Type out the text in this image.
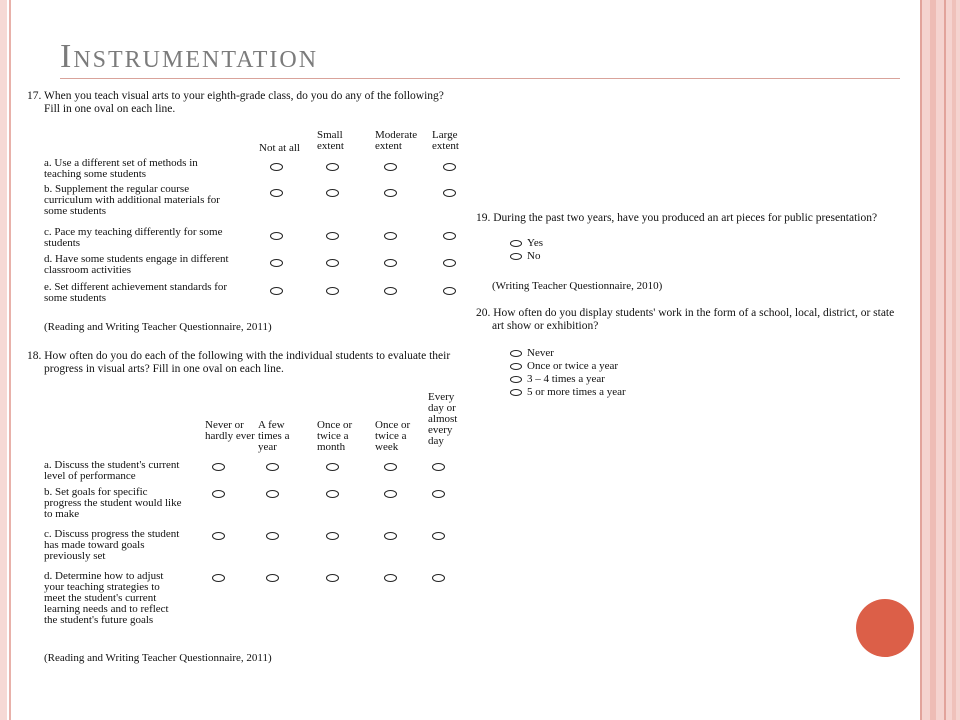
Instrumentation
17. When you teach visual arts to your eighth-grade class, do you do any of the following?
Fill in one oval on each line.
Not at all
Small extent
Moderate extent
Large extent
a. Use a different set of methods in
teaching some students
b. Supplement the regular course
curriculum with additional materials for
some students
c. Pace my teaching differently for some
students
d. Have some students engage in different
classroom activities
e. Set different achievement standards for
some students
(Reading and Writing Teacher Questionnaire, 2011)
18. How often do you do each of the following with the individual students to evaluate their
progress in visual arts? Fill in one oval on each line.
Never or hardly ever
A few times a year
Once or twice a month
Once or twice a week
Every day or almost every day
a. Discuss the student's current
level of performance
b. Set goals for specific
progress the student would like
to make
c. Discuss progress the student
has made toward goals
previously set
d. Determine how to adjust
your teaching strategies to
meet the student's current
learning needs and to reflect
the student's future goals
(Reading and Writing Teacher Questionnaire, 2011)
19. During the past two years, have you produced an art pieces for public presentation?
Yes
No
(Writing Teacher Questionnaire, 2010)
20. How often do you display students' work in the form of a school, local, district, or state
art show or exhibition?
Never
Once or twice a year
3 – 4 times a year
5 or more times a year
